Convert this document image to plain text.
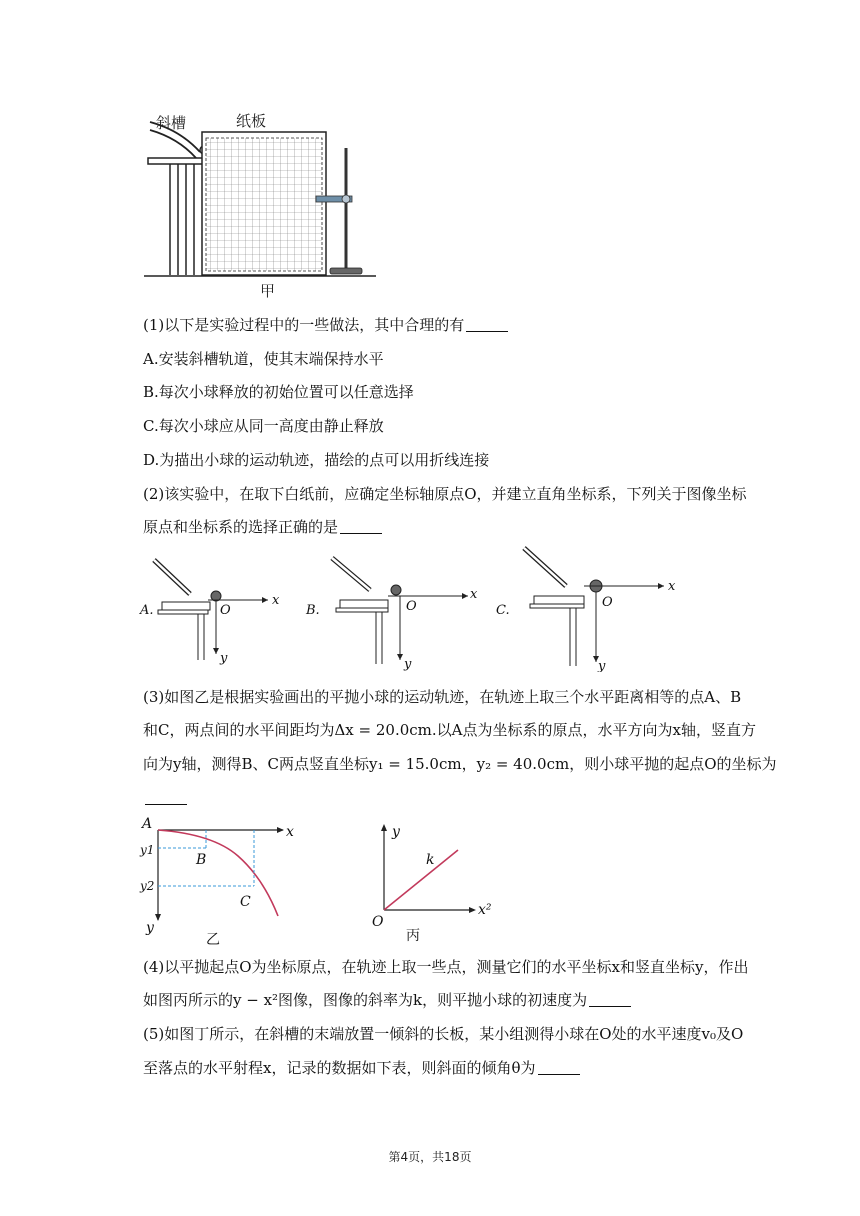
斜槽	纸板
甲
(1)以下是实验过程中的一些做法，其中合理的有
A.安装斜槽轨道，使其末端保持水平
B.每次小球释放的初始位置可以任意选择
C.每次小球应从同一高度由静止释放
D.为描出小球的运动轨迹，描绘的点可以用折线连接
(2)该实验中，在取下白纸前，应确定坐标轴原点O，并建立直角坐标系，下列关于图像坐标
原点和坐标系的选择正确的是
A.	O
x
y
B.	O
x
y
C.
O
x
y
(3)如图乙是根据实验画出的平抛小球的运动轨迹，在轨迹上取三个水平距离相等的点A、B
和C，两点间的水平间距均为Δx = 20.0cm.以A点为坐标系的原点，水平方向为x轴，竖直方
向为y轴，测得B、C两点竖直坐标y₁ = 15.0cm，y₂ = 40.0cm，则小球平抛的起点O的坐标为
A
B
C
y1
y2
x
y
乙
y
x²
k
O
丙
(4)以平抛起点O为坐标原点，在轨迹上取一些点，测量它们的水平坐标x和竖直坐标y，作出
如图丙所示的y − x²图像，图像的斜率为k，则平抛小球的初速度为
(5)如图丁所示，在斜槽的末端放置一倾斜的长板，某小组测得小球在O处的水平速度v₀及O
至落点的水平射程x，记录的数据如下表，则斜面的倾角θ为
第4页，共18页
